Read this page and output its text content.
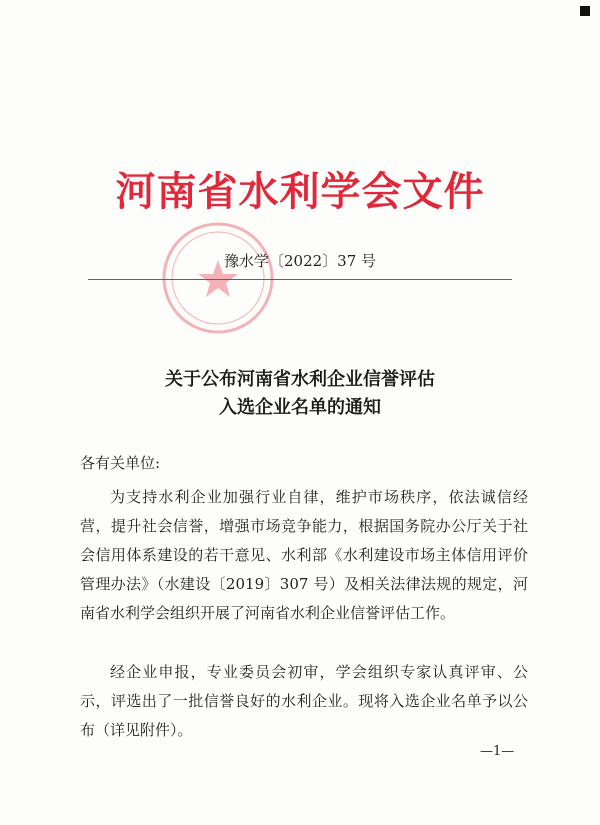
河南省水利学会文件
豫水学〔2022〕37 号
关于公布河南省水利企业信誉评估
入选企业名单的通知
各有关单位:
为支持水利企业加强行业自律，维护市场秩序，依法诚信经营，提升社会信誉，增强市场竞争能力，根据国务院办公厅关于社会信用体系建设的若干意见、水利部《水利建设市场主体信用评价管理办法》（水建设〔2019〕307 号）及相关法律法规的规定，河南省水利学会组织开展了河南省水利企业信誉评估工作。
经企业申报，专业委员会初审，学会组织专家认真评审、公示，评选出了一批信誉良好的水利企业。现将入选企业名单予以公布（详见附件）。
—1—
